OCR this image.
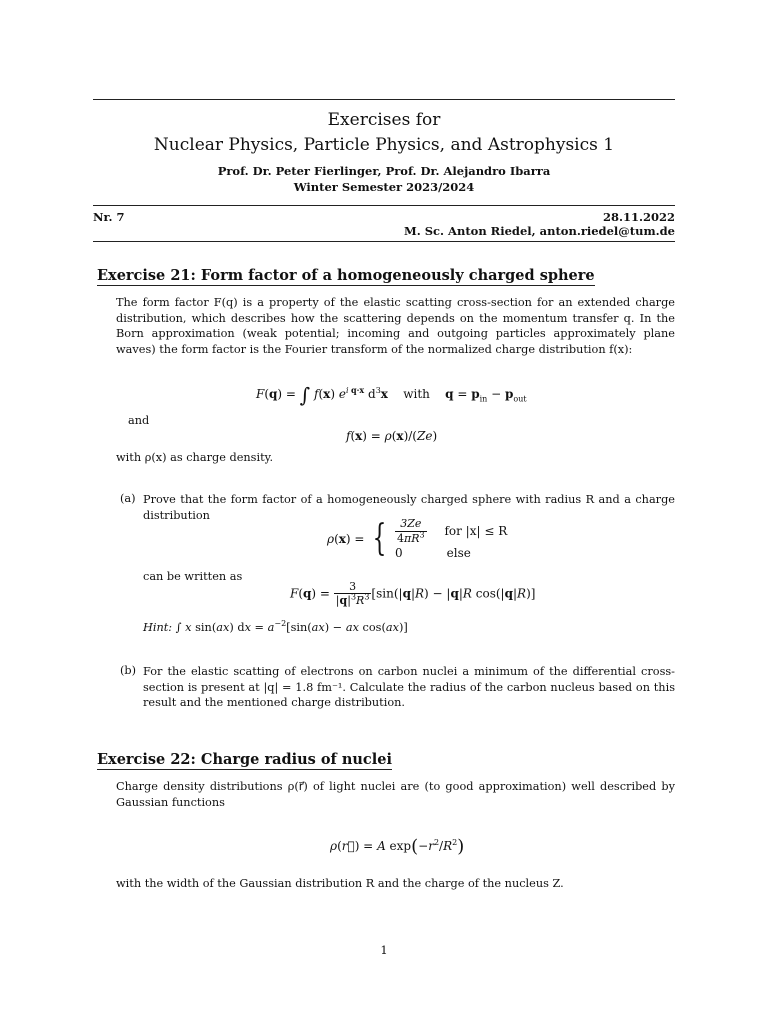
Exercises for
Nuclear Physics, Particle Physics, and Astrophysics 1
Prof. Dr. Peter Fierlinger, Prof. Dr. Alejandro Ibarra
Winter Semester 2023/2024
Nr. 7	28.11.2022
M. Sc. Anton Riedel, anton.riedel@tum.de
Exercise 21: Form factor of a homogeneously charged sphere
The form factor F(q) is a property of the elastic scatting cross-section for an extended charge distribution, which describes how the scattering depends on the momentum transfer q. In the Born approximation (weak potential; incoming and outgoing particles approximately plane waves) the form factor is the Fourier transform of the normalized charge distribution f(x):
F(q) = ∫ f(x) $e^{i q\cdot x}$ $d^3x$    with    $q = p_{in} - p_{out}$
and
f(x) = ρ(x)/(Ze)
with ρ(x) as charge density.
(a) Prove that the form factor of a homogeneously charged sphere with radius R and a charge distribution
ρ(x) = { $\frac{3Ze}{4\pi R^3}$ for |x| ≤ R
0	else
can be written as
$F(q) = \frac{3}{|q|^3R^3} [\sin(|q|R) - |q|R$ cos(|q|R)]
Hint: ∫ x sin(ax) dx = $a^{-2}[\sin(ax)$ − ax cos(ax)]
(b) For the elastic scatting of electrons on carbon nuclei a minimum of the differential cross-section is present at |q| = 1.8 fm⁻¹. Calculate the radius of the carbon nucleus based on this result and the mentioned charge distribution.
Exercise 22: Charge radius of nuclei
Charge density distributions ρ(r⃗) of light nuclei are (to good approximation) well described by Gaussian functions
ρ(r⃗) = A $\exp(-r^2/R^2)$
with the width of the Gaussian distribution R and the charge of the nucleus Z.
1
